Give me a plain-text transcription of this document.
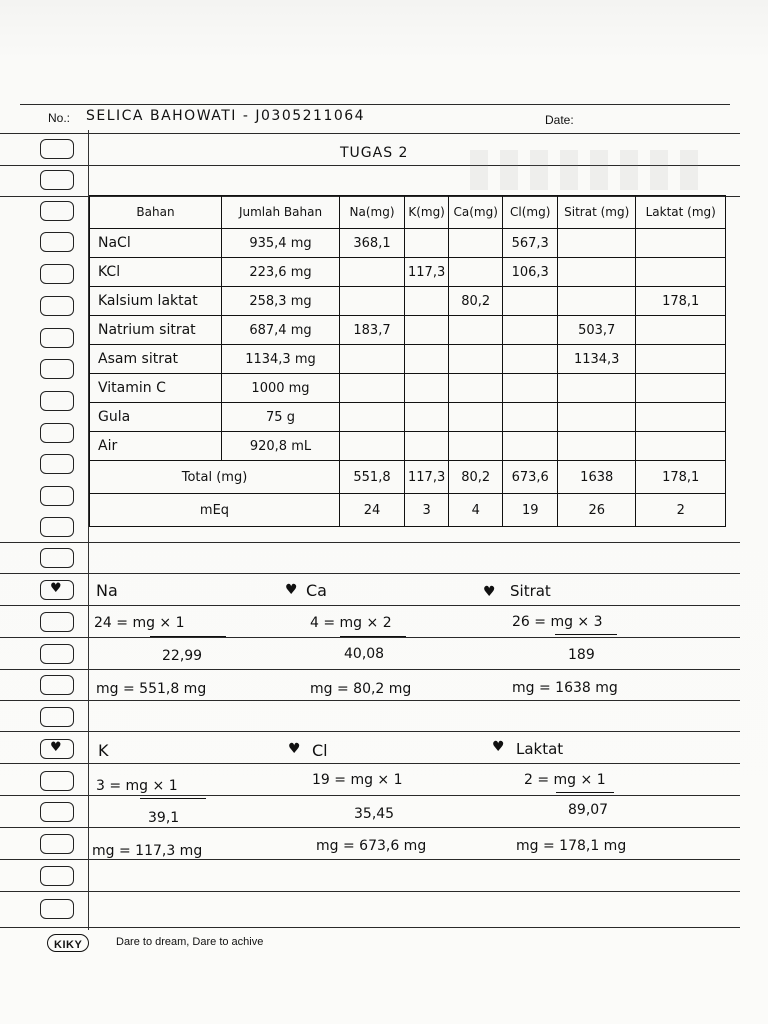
♥
♥
No.: SELICA BAHOWATI - J0305211064	Date:
TUGAS 2
Bahan	Jumlah Bahan	Na(mg)	K(mg)	Ca(mg)	Cl(mg)	Sitrat (mg)	Laktat (mg)
NaCl	935,4 mg	368,1			567,3		
KCl	223,6 mg		117,3		106,3		
Kalsium laktat	258,3 mg			80,2			178,1
Natrium sitrat	687,4 mg	183,7				503,7	
Asam sitrat	1134,3 mg					1134,3	
Vitamin C	1000 mg						
Gula	75 g						
Air	920,8 mL						
Total (mg)		551,8	117,3	80,2	673,6	1638	178,1
mEq		24	3	4	19	26	2
Na	♥ Ca	♥ Sitrat
24 = mg × 1
22,99
mg = 551,8 mg
4 = mg × 2
40,08
mg = 80,2 mg
26 = mg × 3
189
mg = 1638 mg
K	♥ Cl	♥ Laktat
3 = mg × 1
39,1
mg = 117,3 mg
19 = mg × 1
35,45
mg = 673,6 mg
2 = mg × 1
89,07
mg = 178,1 mg
KIKY	Dare to dream, Dare to achive
